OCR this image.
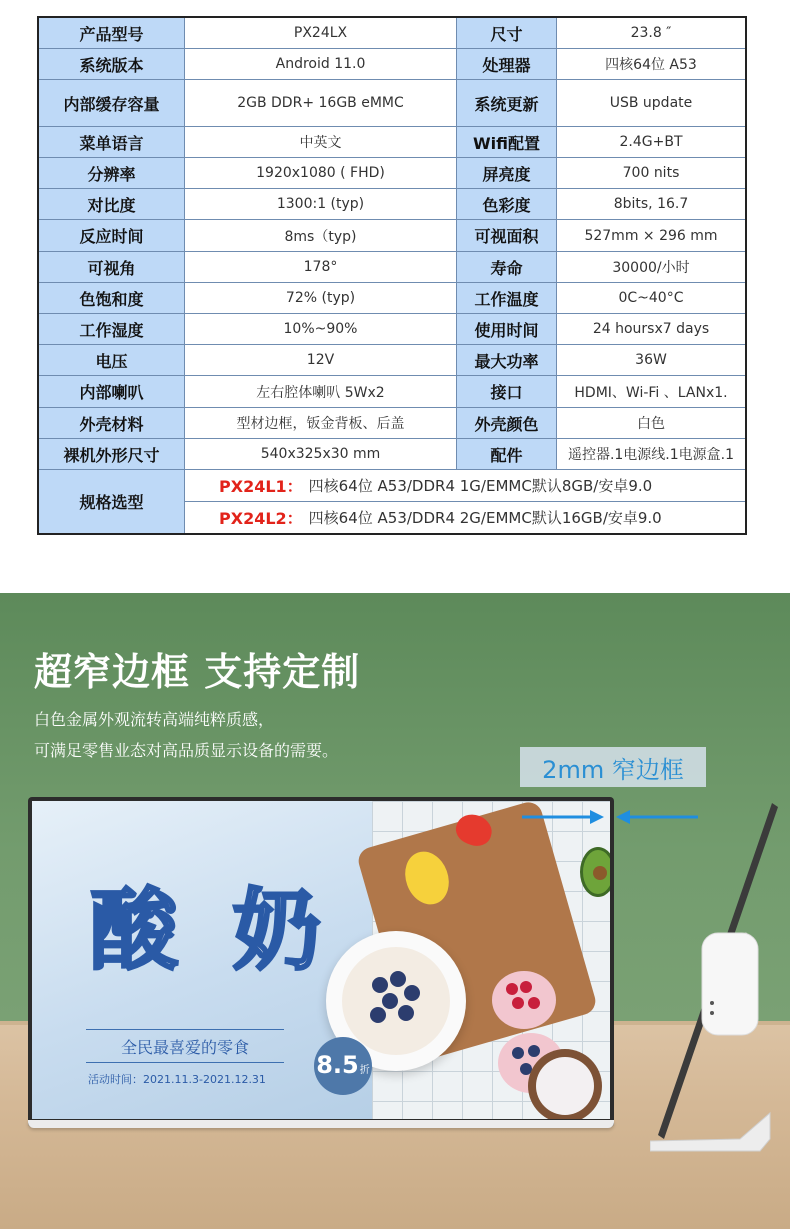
产品型号	PX24LX	尺寸	23.8 ″
系统版本	Android 11.0	处理器	四核64位 A53
内部缓存容量	2GB DDR+ 16GB eMMC	系统更新	USB update
菜单语言	中英文	Wifi配置	2.4G+BT
分辨率	1920x1080 ( FHD)	屏亮度	700 nits
对比度	1300:1 (typ)	色彩度	8bits, 16.7
反应时间	8ms（typ)	可视面积	527mm × 296 mm
可视角	178°	寿命	30000/小时
色饱和度	72% (typ)	工作温度	0C~40°C
工作湿度	10%~90%	使用时间	24 hoursx7 days
电压	12V	最大功率	36W
内部喇叭	左右腔体喇叭 5Wx2	接口	HDMI、Wi-Fi 、LANx1.
外壳材料	型材边框，钣金背板、后盖	外壳颜色	白色
裸机外形尺寸	540x325x30 mm	配件	遥控器.1电源线.1电源盒.1
规格选型
PX24L1： 四核64位 A53/DDR4 1G/EMMC默认8GB/安卓9.0
PX24L2： 四核64位 A53/DDR4 2G/EMMC默认16GB/安卓9.0
超窄边框 支持定制
白色金属外观流转高端纯粹质感，
可满足零售业态对高品质显示设备的需要。
2mm 窄边框
酸 奶
全民最喜爱的零食
活动时间：2021.11.3-2021.12.31
8.5 折
